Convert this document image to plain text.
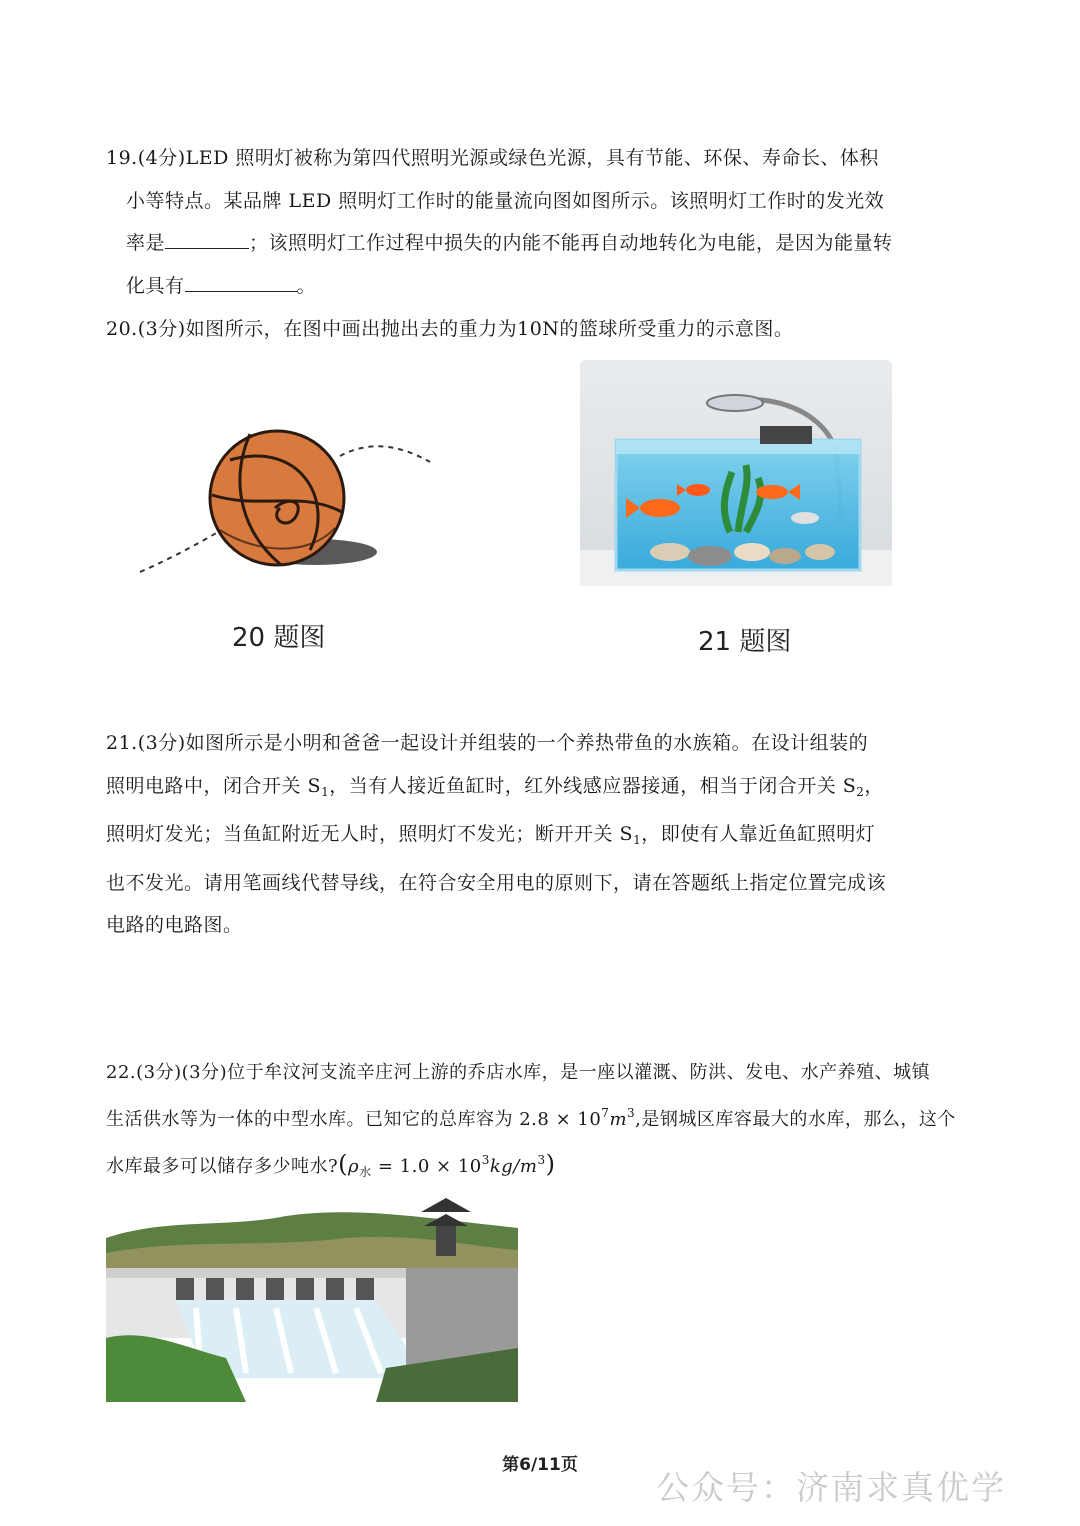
19.(4分)LED 照明灯被称为第四代照明光源或绿色光源，具有节能、环保、寿命长、体积

小等特点。某品牌 LED 照明灯工作时的能量流向图如图所示。该照明灯工作时的发光效

率是	；该照明灯工作过程中损失的内能不能再自动地转化为电能，是因为能量转

化具有	。

20.(3分)如图所示，在图中画出抛出去的重力为10N的篮球所受重力的示意图。

20 题图	21 题图

21.(3分)如图所示是小明和爸爸一起设计并组装的一个养热带鱼的水族箱。在设计组装的

照明电路中，闭合开关 $S_1$，当有人接近鱼缸时，红外线感应器接通，相当于闭合开关 $S_2$，

照明灯发光；当鱼缸附近无人时，照明灯不发光；断开开关 $S_1$，即使有人靠近鱼缸照明灯

也不发光。请用笔画线代替导线，在符合安全用电的原则下，请在答题纸上指定位置完成该

电路的电路图。

22.(3分)(3分)位于牟汶河支流辛庄河上游的乔店水库，是一座以灌溉、防洪、发电、水产养殖、城镇

生活供水等为一体的中型水库。已知它的总库容为 $2.8 \times 10^7m^3$,是钢城区库容最大的水库，那么，这个

水库最多可以储存多少吨水$?(\rho_水 = 1.0 \times 10^3kg/m^3)$

第6/11页
公众号：济南求真优学
